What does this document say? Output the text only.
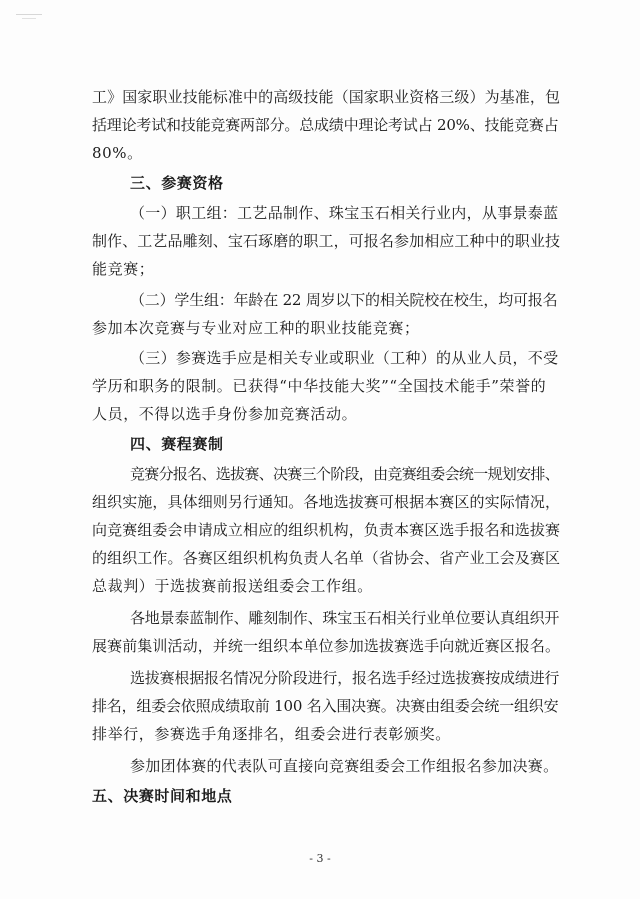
工》国家职业技能标准中的高级技能（国家职业资格三级）为基准，包
括理论考试和技能竞赛两部分。总成绩中理论考试占 20%、技能竞赛占
80%。
三、参赛资格
（一）职工组：工艺品制作、珠宝玉石相关行业内，从事景泰蓝
制作、工艺品雕刻、宝石琢磨的职工，可报名参加相应工种中的职业技
能竞赛；
（二）学生组：年龄在 22 周岁以下的相关院校在校生，均可报名
参加本次竞赛与专业对应工种的职业技能竞赛；
（三）参赛选手应是相关专业或职业（工种）的从业人员，不受
学历和职务的限制。已获得“中华技能大奖”“全国技术能手”荣誉的
人员，不得以选手身份参加竞赛活动。
四、赛程赛制
竞赛分报名、选拔赛、决赛三个阶段，由竞赛组委会统一规划安排、
组织实施，具体细则另行通知。各地选拔赛可根据本赛区的实际情况，
向竞赛组委会申请成立相应的组织机构，负责本赛区选手报名和选拔赛
的组织工作。各赛区组织机构负责人名单（省协会、省产业工会及赛区
总裁判）于选拔赛前报送组委会工作组。
各地景泰蓝制作、雕刻制作、珠宝玉石相关行业单位要认真组织开
展赛前集训活动，并统一组织本单位参加选拔赛选手向就近赛区报名。
选拔赛根据报名情况分阶段进行，报名选手经过选拔赛按成绩进行
排名，组委会依照成绩取前 100 名入围决赛。决赛由组委会统一组织安
排举行，参赛选手角逐排名，组委会进行表彰颁奖。
参加团体赛的代表队可直接向竞赛组委会工作组报名参加决赛。
五、决赛时间和地点
- 3 -
